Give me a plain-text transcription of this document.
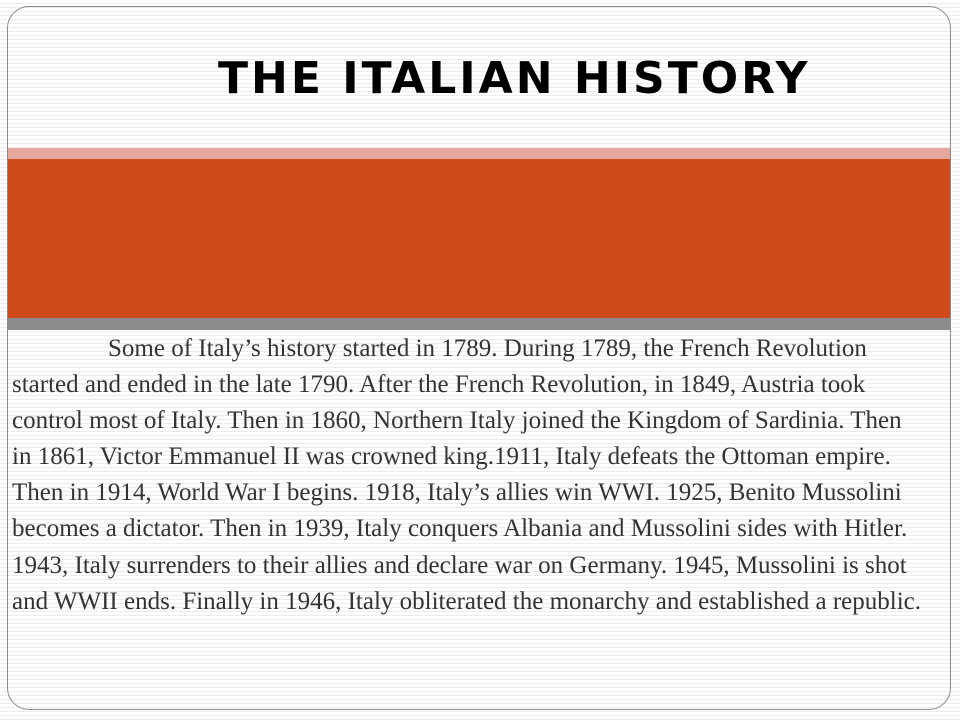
THE ITALIAN HISTORY

Some of Italy’s history started in 1789. During 1789, the French Revolution started and ended in the late 1790. After the French Revolution, in 1849, Austria took control most of Italy. Then in 1860, Northern Italy joined the Kingdom of Sardinia. Then in 1861, Victor Emmanuel II was crowned king.1911, Italy defeats the Ottoman empire. Then in 1914, World War I begins. 1918, Italy’s allies win WWI. 1925, Benito Mussolini becomes a dictator. Then in 1939, Italy conquers Albania and Mussolini sides with Hitler. 1943, Italy surrenders to their allies and declare war on Germany. 1945, Mussolini is shot and WWII ends. Finally in 1946, Italy obliterated the monarchy and established a republic.
